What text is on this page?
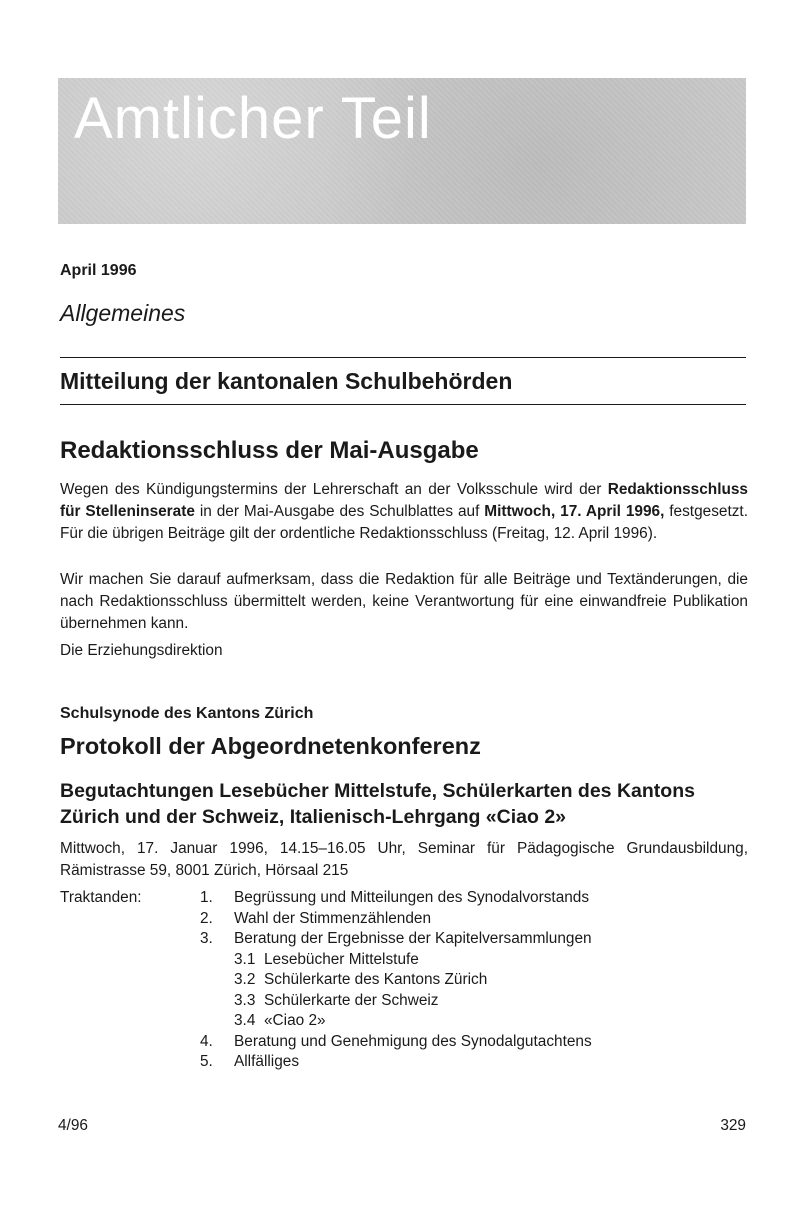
Amtlicher Teil

April 1996

Allgemeines
Mitteilung der kantonalen Schulbehörden
Redaktionsschluss der Mai-Ausgabe

Wegen des Kündigungstermins der Lehrerschaft an der Volksschule wird der Redaktionsschluss für Stelleninserate in der Mai-Ausgabe des Schulblattes auf Mittwoch, 17. April 1996, festgesetzt. Für die übrigen Beiträge gilt der ordentliche Redaktionsschluss (Freitag, 12. April 1996).

Wir machen Sie darauf aufmerksam, dass die Redaktion für alle Beiträge und Textänderungen, die nach Redaktionsschluss übermittelt werden, keine Verantwortung für eine einwandfreie Publikation übernehmen kann.

Die Erziehungsdirektion

Schulsynode des Kantons Zürich

Protokoll der Abgeordnetenkonferenz
Begutachtungen Lesebücher Mittelstufe, Schülerkarten des Kantons Zürich und der Schweiz, Italienisch-Lehrgang «Ciao 2»

Mittwoch, 17. Januar 1996, 14.15–16.05 Uhr, Seminar für Pädagogische Grundausbildung, Rämistrasse 59, 8001 Zürich, Hörsaal 215

Traktanden:	1.	Begrüssung und Mitteilungen des Synodalvorstands
2.	Wahl der Stimmenzählenden
3.	Beratung der Ergebnisse der Kapitelversammlungen
3.1 Lesebücher Mittelstufe
3.2 Schülerkarte des Kantons Zürich
3.3 Schülerkarte der Schweiz
3.4 «Ciao 2»
4.	Beratung und Genehmigung des Synodalgutachtens
5.	Allfälliges

4/96	329
